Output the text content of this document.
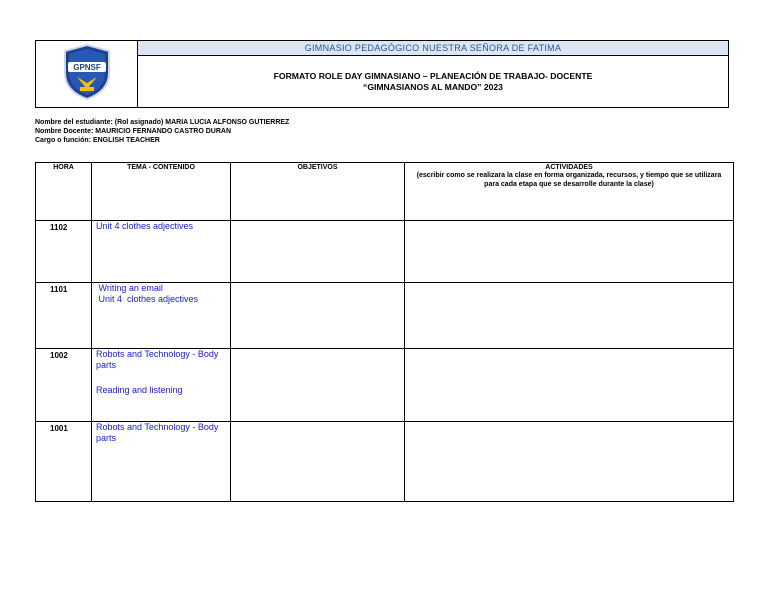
GPNSF
	GIMNASIO PEDAGÓGICO NUESTRA SEÑORA DE FATIMA

FORMATO ROLE DAY GIMNASIANO – PLANEACIÓN DE TRABAJO- DOCENTE
“GIMNASIANOS AL MANDO” 2023
Nombre del estudiante: (Rol asignado) MARIA LUCIA ALFONSO GUTIERREZ
Nombre Docente: MAURICIO FERNANDO CASTRO DURAN
Cargo o función: ENGLISH TEACHER
HORA	TEMA - CONTENIDO	OBJETIVOS	ACTIVIDADES
(escribir como se realizara la clase en forma organizada, recursos, y tiempo que se utilizara para cada etapa que se desarrolle durante la clase)

1102	Unit 4 clothes adjectives		

1101	Writing an email
Unit 4  clothes adjectives		

1002	Robots and Technology - Body parts
Reading and listening		

1001	Robots and Technology - Body parts		
